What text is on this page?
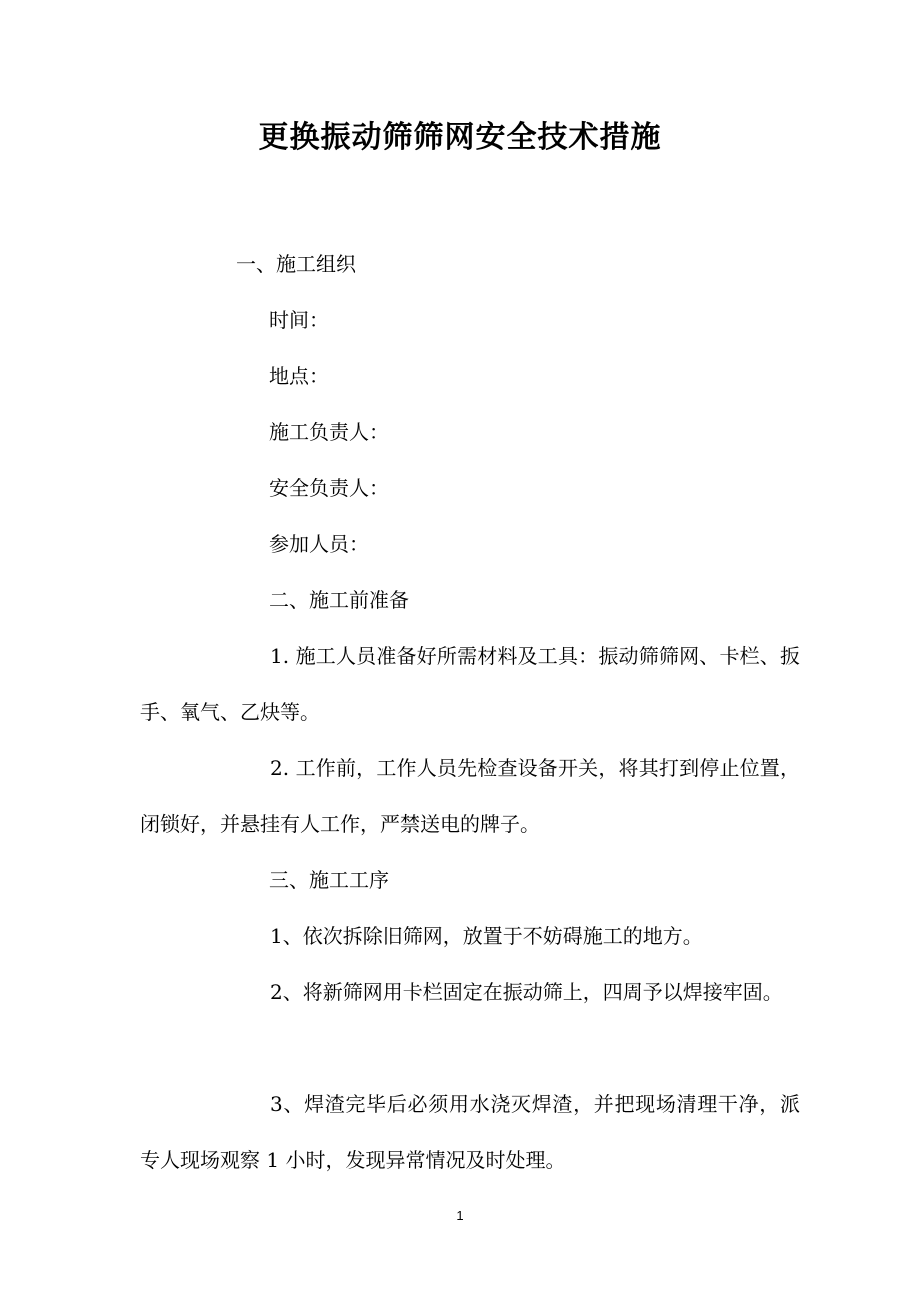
更换振动筛筛网安全技术措施

一、施工组织

时间：

地点：

施工负责人：

安全负责人：

参加人员：

二、施工前准备

1. 施工人员准备好所需材料及工具：振动筛筛网、卡栏、扳手、氧气、乙炔等。

2. 工作前，工作人员先检查设备开关，将其打到停止位置，闭锁好，并悬挂有人工作，严禁送电的牌子。

三、施工工序

1、依次拆除旧筛网，放置于不妨碍施工的地方。

2、将新筛网用卡栏固定在振动筛上，四周予以焊接牢固。

3、焊渣完毕后必须用水浇灭焊渣，并把现场清理干净，派专人现场观察 1 小时，发现异常情况及时处理。

1
